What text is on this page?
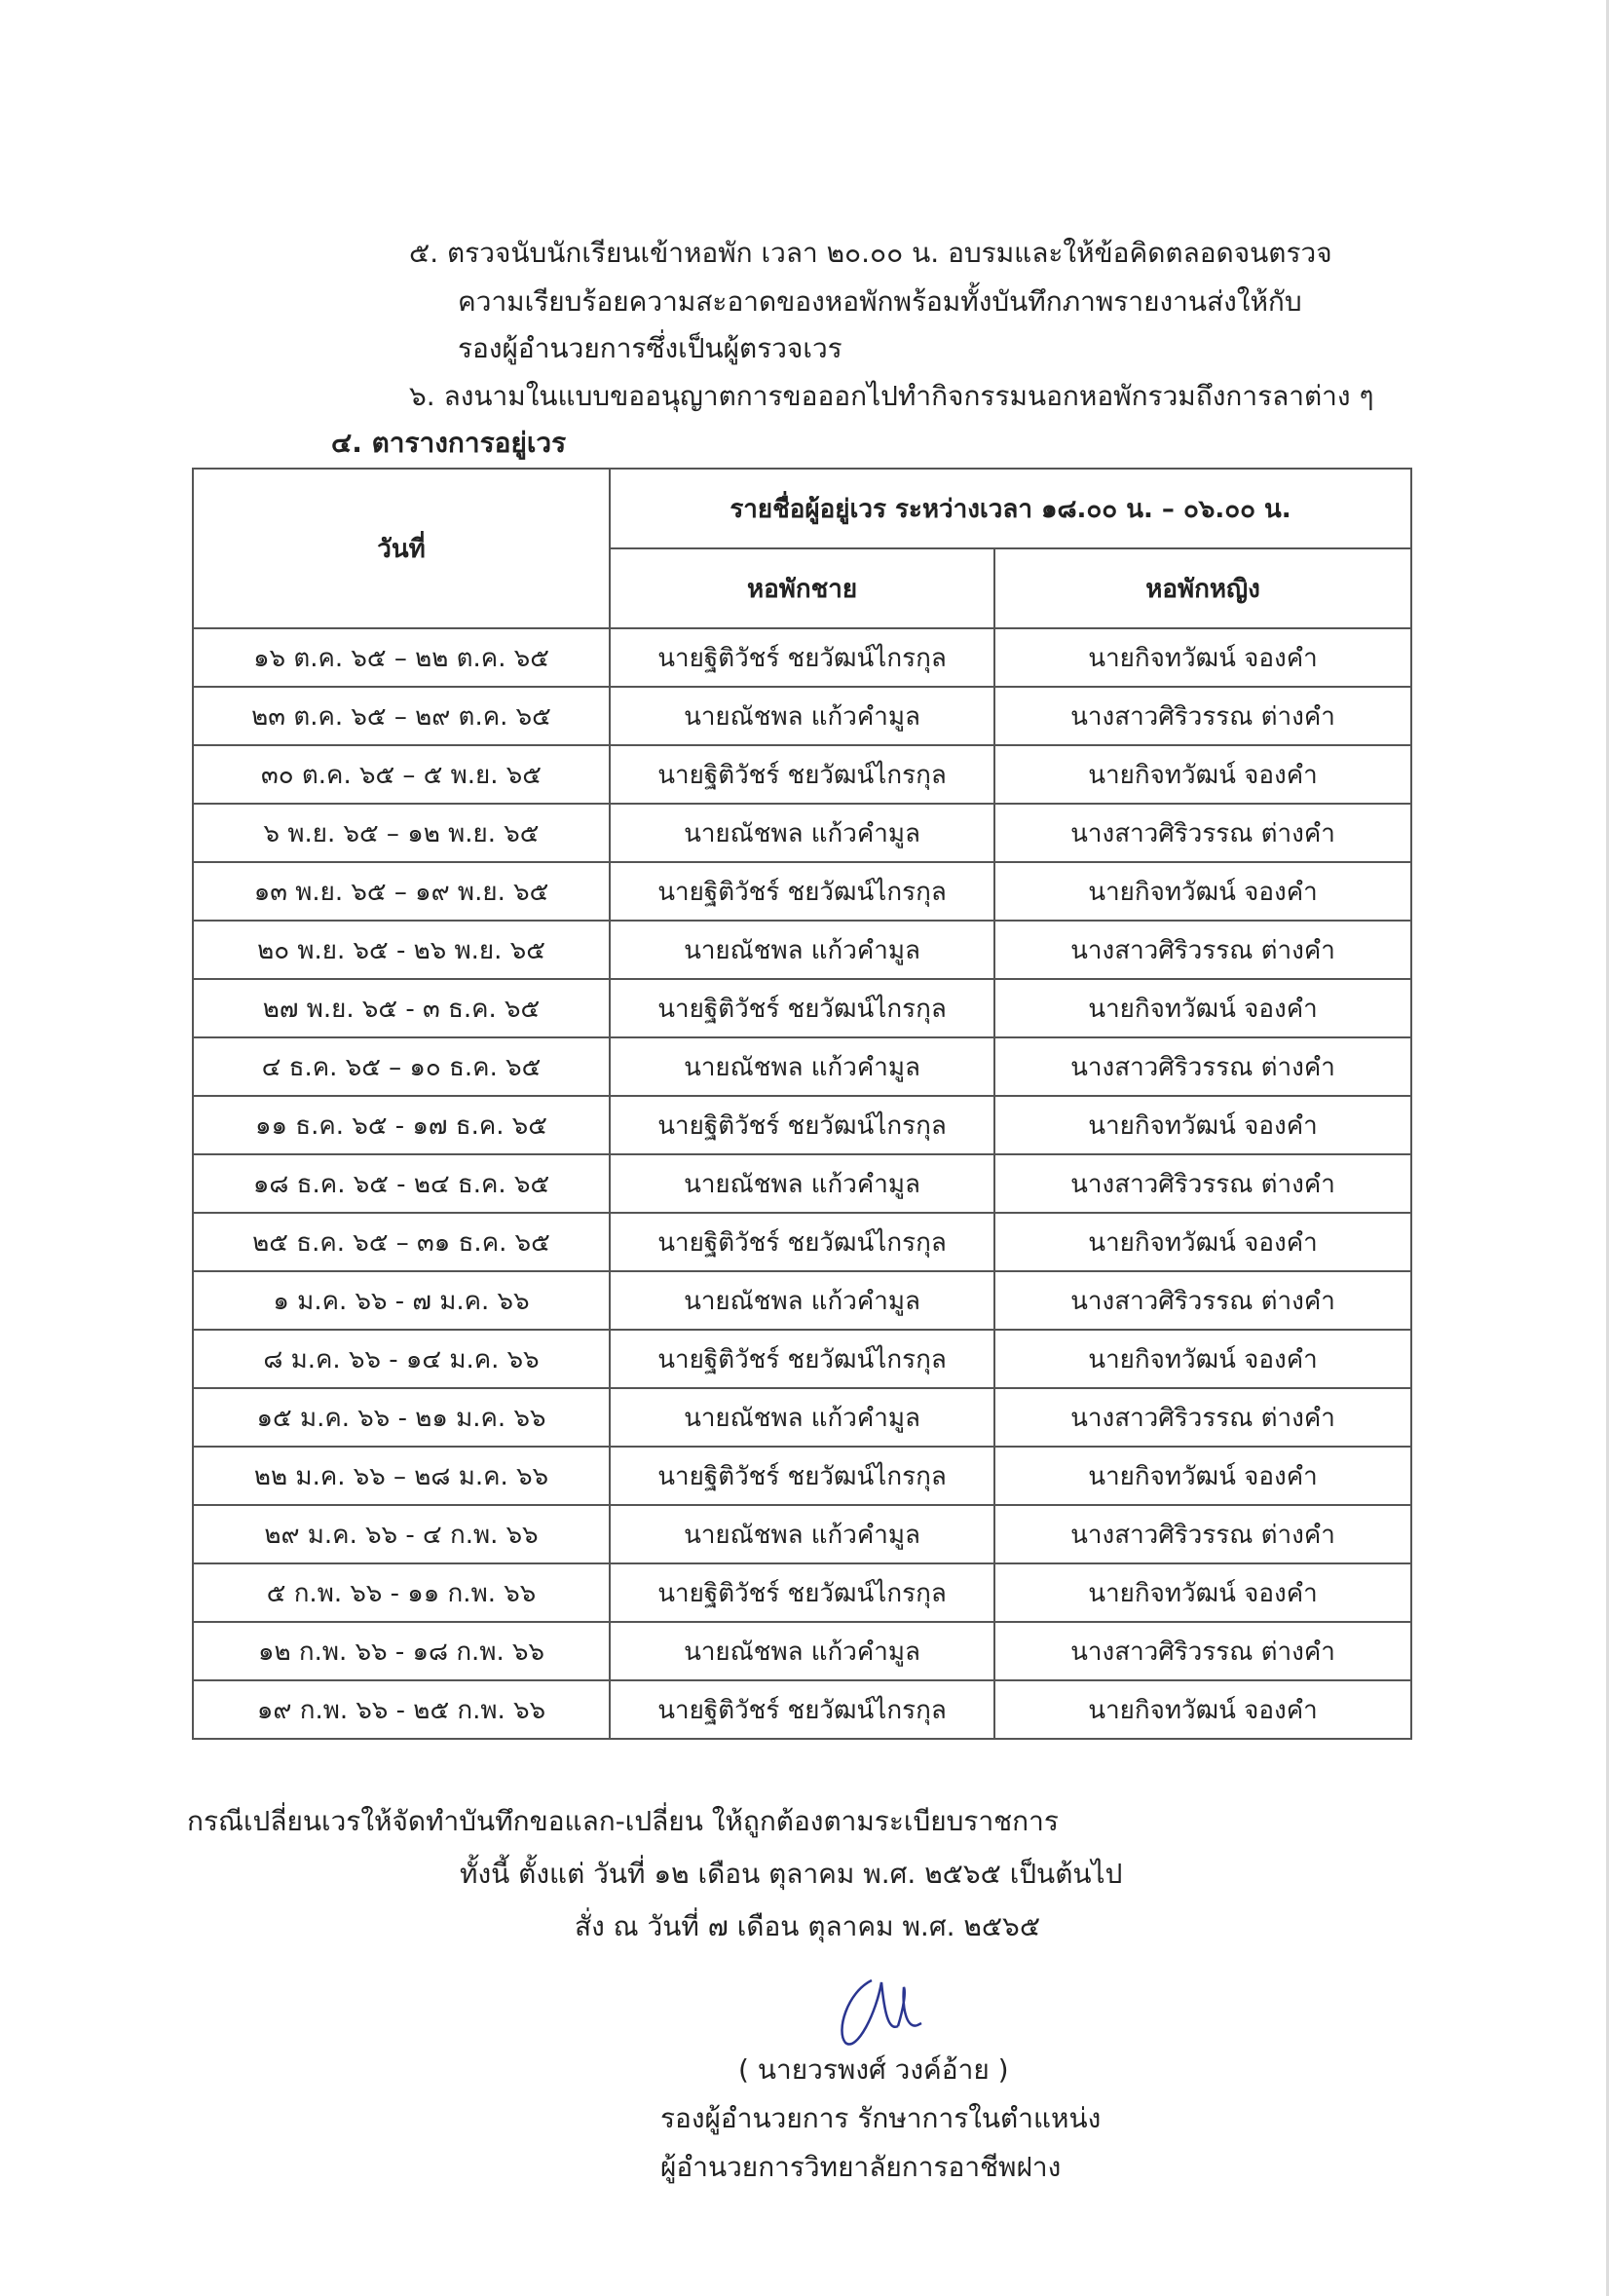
๕. ตรวจนับนักเรียนเข้าหอพัก เวลา ๒๐.๐๐ น. อบรมและให้ข้อคิดตลอดจนตรวจ
ความเรียบร้อยความสะอาดของหอพักพร้อมทั้งบันทึกภาพรายงานส่งให้กับ
รองผู้อำนวยการซึ่งเป็นผู้ตรวจเวร
๖. ลงนามในแบบขออนุญาตการขอออกไปทำกิจกรรมนอกหอพักรวมถึงการลาต่าง ๆ
๔. ตารางการอยู่เวร
วันที่	รายชื่อผู้อยู่เวร ระหว่างเวลา ๑๘.๐๐ น. – ๐๖.๐๐ น.	
	หอพักชาย	หอพักหญิง
๑๖ ต.ค. ๖๕ – ๒๒ ต.ค. ๖๕	นายฐิติวัชร์ ชยวัฒน์ไกรกุล	นายกิจทวัฒน์ จองคำ
๒๓ ต.ค. ๖๕ – ๒๙ ต.ค. ๖๕	นายณัชพล แก้วคำมูล	นางสาวศิริวรรณ ต่างคำ
๓๐ ต.ค. ๖๕ – ๕ พ.ย. ๖๕	นายฐิติวัชร์ ชยวัฒน์ไกรกุล	นายกิจทวัฒน์ จองคำ
๖ พ.ย. ๖๕ – ๑๒ พ.ย. ๖๕	นายณัชพล แก้วคำมูล	นางสาวศิริวรรณ ต่างคำ
๑๓ พ.ย. ๖๕ – ๑๙ พ.ย. ๖๕	นายฐิติวัชร์ ชยวัฒน์ไกรกุล	นายกิจทวัฒน์ จองคำ
๒๐ พ.ย. ๖๕ - ๒๖ พ.ย. ๖๕	นายณัชพล แก้วคำมูล	นางสาวศิริวรรณ ต่างคำ
๒๗ พ.ย. ๖๕ - ๓ ธ.ค. ๖๕	นายฐิติวัชร์ ชยวัฒน์ไกรกุล	นายกิจทวัฒน์ จองคำ
๔ ธ.ค. ๖๕ – ๑๐ ธ.ค. ๖๕	นายณัชพล แก้วคำมูล	นางสาวศิริวรรณ ต่างคำ
๑๑ ธ.ค. ๖๕ - ๑๗ ธ.ค. ๖๕	นายฐิติวัชร์ ชยวัฒน์ไกรกุล	นายกิจทวัฒน์ จองคำ
๑๘ ธ.ค. ๖๕ - ๒๔ ธ.ค. ๖๕	นายณัชพล แก้วคำมูล	นางสาวศิริวรรณ ต่างคำ
๒๕ ธ.ค. ๖๕ – ๓๑ ธ.ค. ๖๕	นายฐิติวัชร์ ชยวัฒน์ไกรกุล	นายกิจทวัฒน์ จองคำ
๑ ม.ค. ๖๖ - ๗ ม.ค. ๖๖	นายณัชพล แก้วคำมูล	นางสาวศิริวรรณ ต่างคำ
๘ ม.ค. ๖๖ - ๑๔ ม.ค. ๖๖	นายฐิติวัชร์ ชยวัฒน์ไกรกุล	นายกิจทวัฒน์ จองคำ
๑๕ ม.ค. ๖๖ - ๒๑ ม.ค. ๖๖	นายณัชพล แก้วคำมูล	นางสาวศิริวรรณ ต่างคำ
๒๒ ม.ค. ๖๖ – ๒๘ ม.ค. ๖๖	นายฐิติวัชร์ ชยวัฒน์ไกรกุล	นายกิจทวัฒน์ จองคำ
๒๙ ม.ค. ๖๖ - ๔ ก.พ. ๖๖	นายณัชพล แก้วคำมูล	นางสาวศิริวรรณ ต่างคำ
๕ ก.พ. ๖๖ - ๑๑ ก.พ. ๖๖	นายฐิติวัชร์ ชยวัฒน์ไกรกุล	นายกิจทวัฒน์ จองคำ
๑๒ ก.พ. ๖๖ - ๑๘ ก.พ. ๖๖	นายณัชพล แก้วคำมูล	นางสาวศิริวรรณ ต่างคำ
๑๙ ก.พ. ๖๖ - ๒๕ ก.พ. ๖๖	นายฐิติวัชร์ ชยวัฒน์ไกรกุล	นายกิจทวัฒน์ จองคำ
กรณีเปลี่ยนเวรให้จัดทำบันทึกขอแลก-เปลี่ยน ให้ถูกต้องตามระเบียบราชการ
ทั้งนี้ ตั้งแต่ วันที่ ๑๒ เดือน ตุลาคม พ.ศ. ๒๕๖๕ เป็นต้นไป
สั่ง ณ วันที่ ๗ เดือน ตุลาคม พ.ศ. ๒๕๖๕
( นายวรพงศ์ วงค์อ้าย )
รองผู้อำนวยการ รักษาการในตำแหน่ง
ผู้อำนวยการวิทยาลัยการอาชีพฝาง
